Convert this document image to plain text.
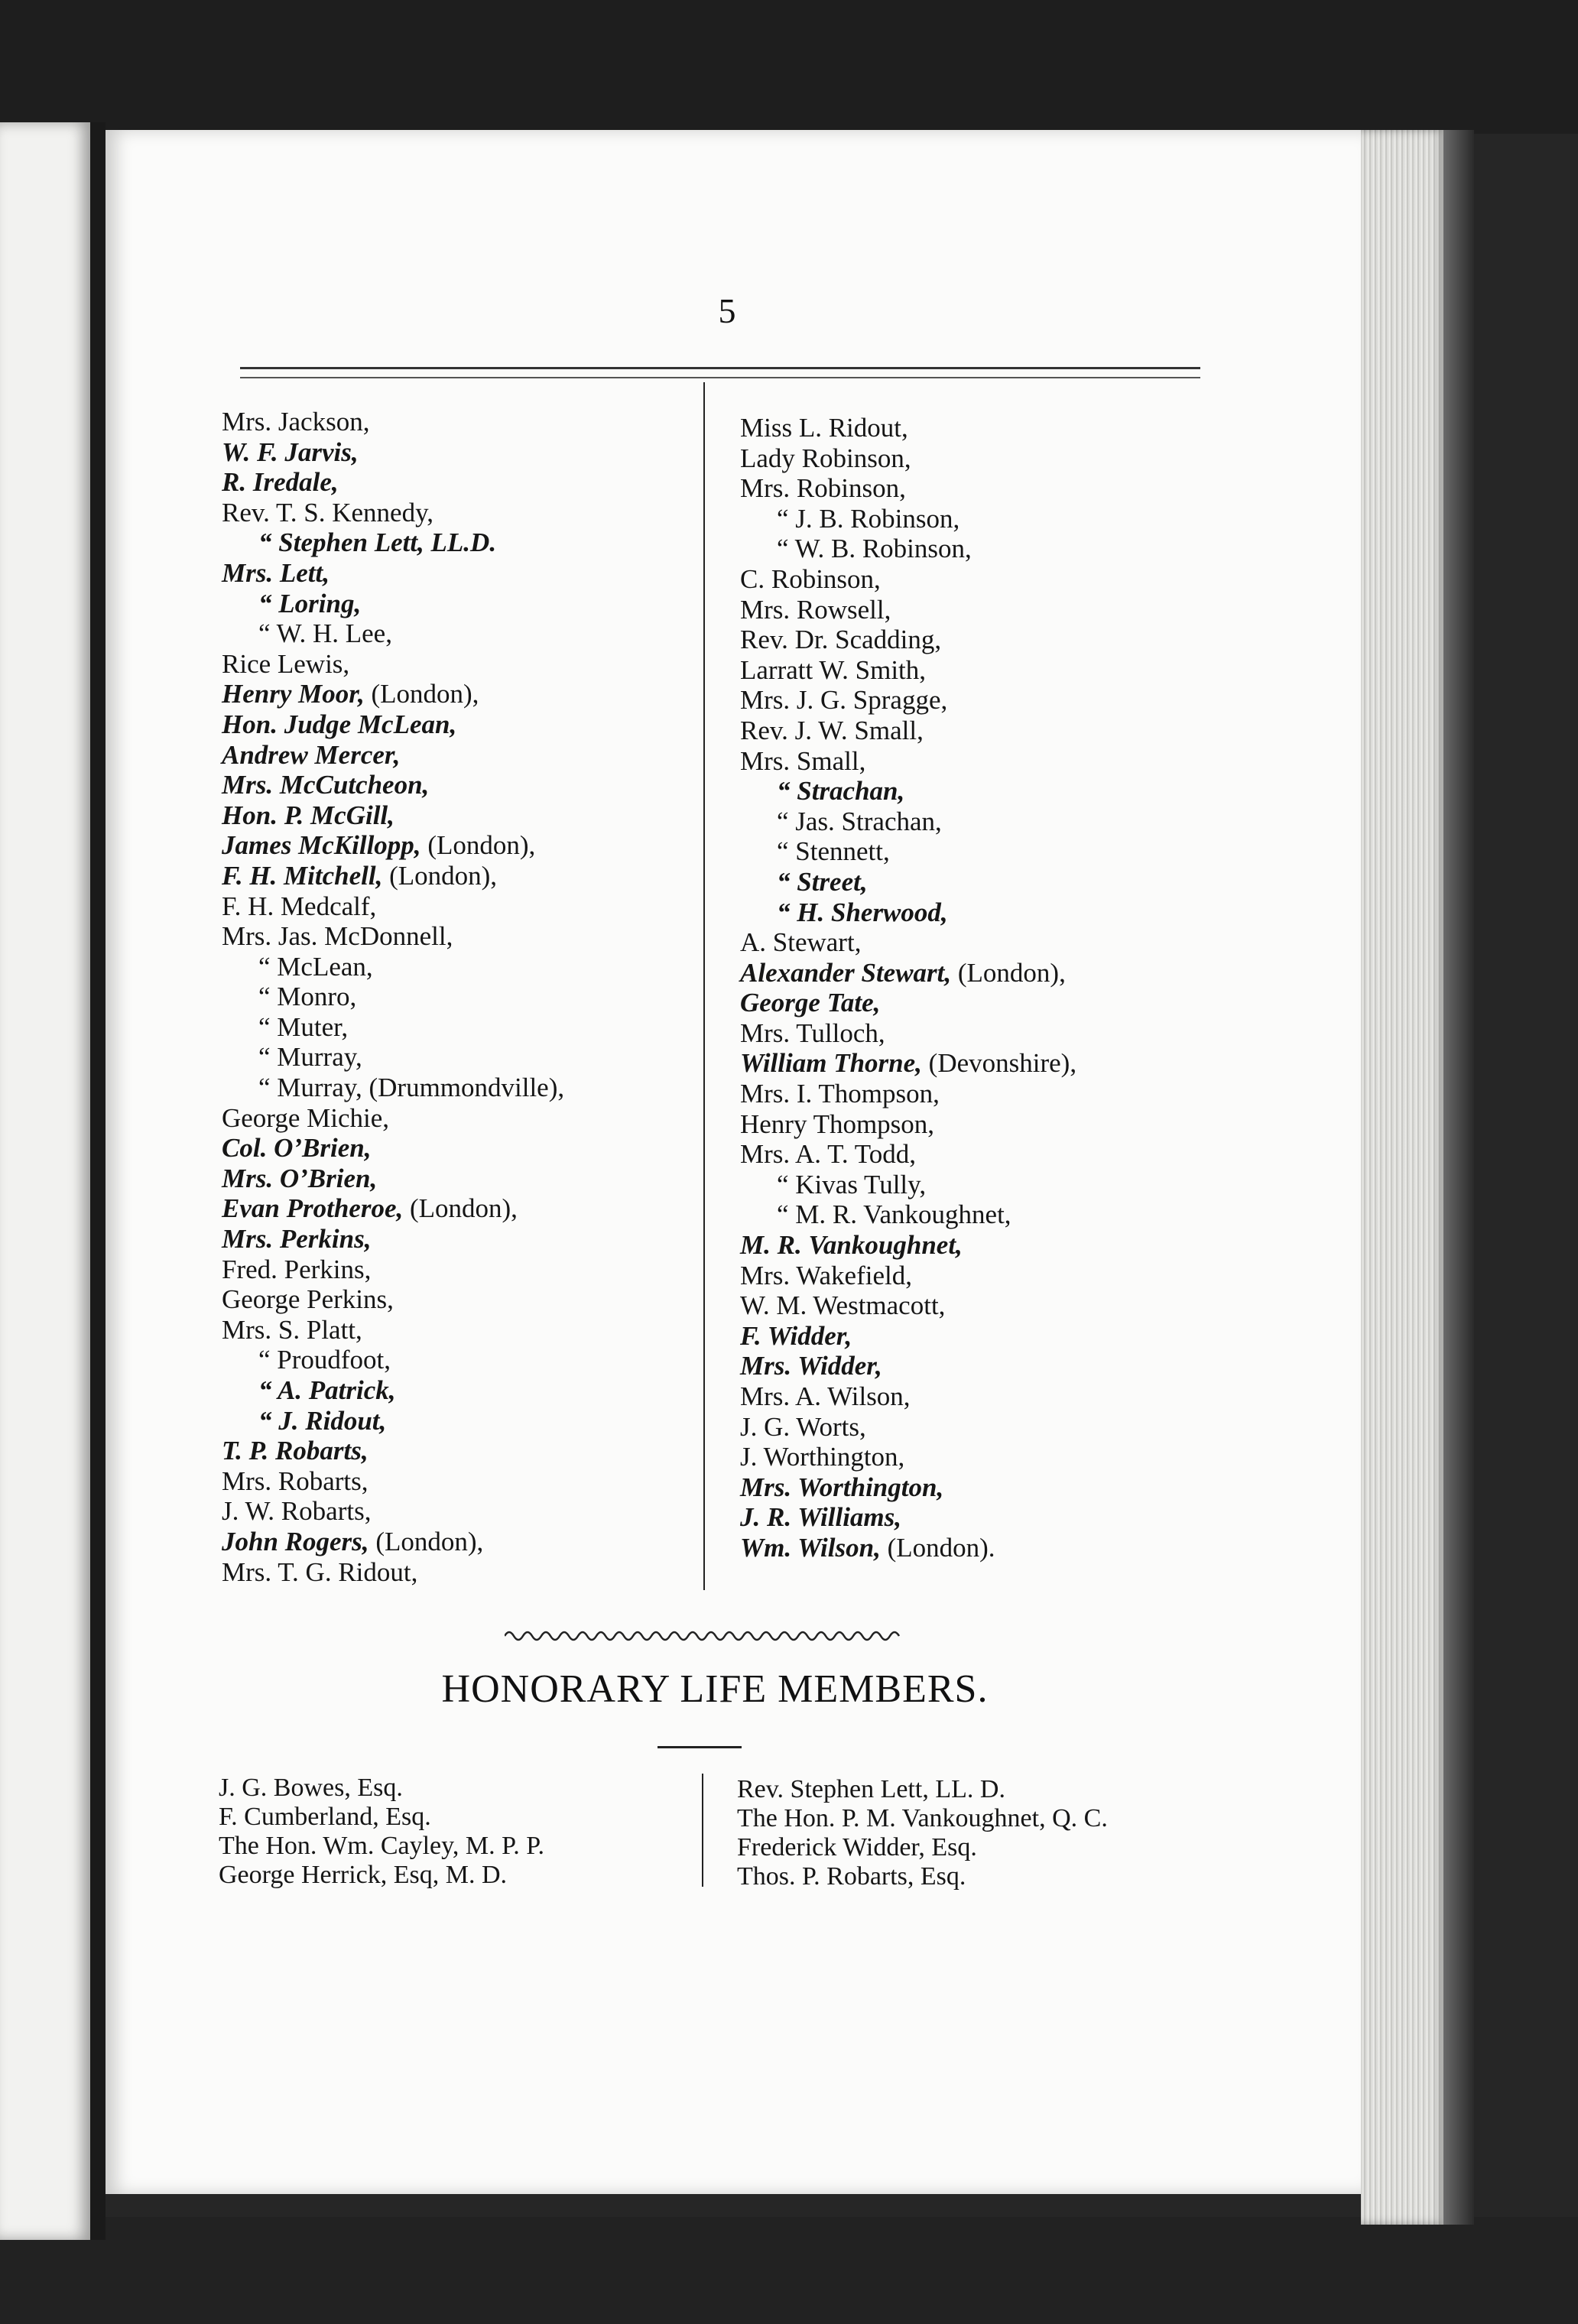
5
Mrs. Jackson,
W. F. Jarvis,
R. Iredale,
Rev. T. S. Kennedy,
“ Stephen Lett, LL.D.
Mrs. Lett,
“ Loring,
“ W. H. Lee,
Rice Lewis,
Henry Moor, (London),
Hon. Judge McLean,
Andrew Mercer,
Mrs. McCutcheon,
Hon. P. McGill,
James McKillopp, (London),
F. H. Mitchell, (London),
F. H. Medcalf,
Mrs. Jas. McDonnell,
“ McLean,
“ Monro,
“ Muter,
“ Murray,
“ Murray, (Drummondville),
George Michie,
Col. O’Brien,
Mrs. O’Brien,
Evan Protheroe, (London),
Mrs. Perkins,
Fred. Perkins,
George Perkins,
Mrs. S. Platt,
“ Proudfoot,
“ A. Patrick,
“ J. Ridout,
T. P. Robarts,
Mrs. Robarts,
J. W. Robarts,
John Rogers, (London),
Mrs. T. G. Ridout,
Miss L. Ridout,
Lady Robinson,
Mrs. Robinson,
“ J. B. Robinson,
“ W. B. Robinson,
C. Robinson,
Mrs. Rowsell,
Rev. Dr. Scadding,
Larratt W. Smith,
Mrs. J. G. Spragge,
Rev. J. W. Small,
Mrs. Small,
“ Strachan,
“ Jas. Strachan,
“ Stennett,
“ Street,
“ H. Sherwood,
A. Stewart,
Alexander Stewart, (London),
George Tate,
Mrs. Tulloch,
William Thorne, (Devonshire),
Mrs. I. Thompson,
Henry Thompson,
Mrs. A. T. Todd,
“ Kivas Tully,
“ M. R. Vankoughnet,
M. R. Vankoughnet,
Mrs. Wakefield,
W. M. Westmacott,
F. Widder,
Mrs. Widder,
Mrs. A. Wilson,
J. G. Worts,
J. Worthington,
Mrs. Worthington,
J. R. Williams,
Wm. Wilson, (London).
HONORARY LIFE MEMBERS.
J. G. Bowes, Esq.
F. Cumberland, Esq.
The Hon. Wm. Cayley, M. P. P.
George Herrick, Esq, M. D.
Rev. Stephen Lett, LL. D.
The Hon. P. M. Vankoughnet, Q. C.
Frederick Widder, Esq.
Thos. P. Robarts, Esq.
